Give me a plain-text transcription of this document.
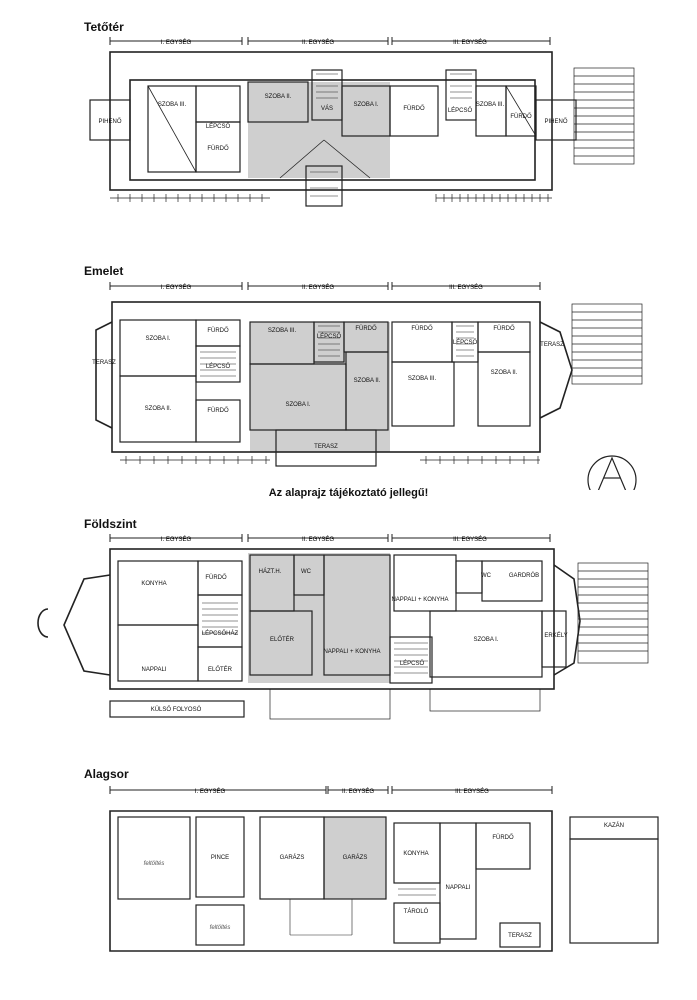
Tetőtér
I. EGYSÉG	II. EGYSÉG	III. EGYSÉG
PIHENŐ
SZOBA III.
LÉPCSŐ
FÜRDŐ
SZOBA II.
VÁS
SZOBA I.
FÜRDŐ	LÉPCSŐ
SZOBA III.
FÜRDŐ
PIHENŐ
Emelet
I. EGYSÉG	II. EGYSÉG	III. EGYSÉG
SZOBA I.
FÜRDŐ
TERASZ
LÉPCSŐ
SZOBA II.	FÜRDŐ
SZOBA III.
LÉPCSŐ
FÜRDŐ
SZOBA II.
SZOBA I.
TERASZ
FÜRDŐ	FÜRDŐ
LÉPCSŐ
SZOBA III.
SZOBA II.
TERASZ
Az alaprajz tájékoztató jellegű!
Földszint
I. EGYSÉG	II. EGYSÉG	III. EGYSÉG
KONYHA
FÜRDŐ
LÉPCSŐHÁZ
NAPPALI	ELŐTÉR
HÁZT.H.	WC
ELŐTÉR
NAPPALI + KONYHA
WC	GARDRÓB
NAPPALI + KONYHA
SZOBA I.
ERKÉLY
LÉPCSŐ
KÜLSŐ FOLYOSÓ
Alagsor
I. EGYSÉG	II. EGYSÉG	III. EGYSÉG
PINCE	GARÁZS	GARÁZS
KONYHA
FÜRDŐ
NAPPALI
TÁROLÓ
TERASZ
KAZÁN
feltöltés
feltöltés
